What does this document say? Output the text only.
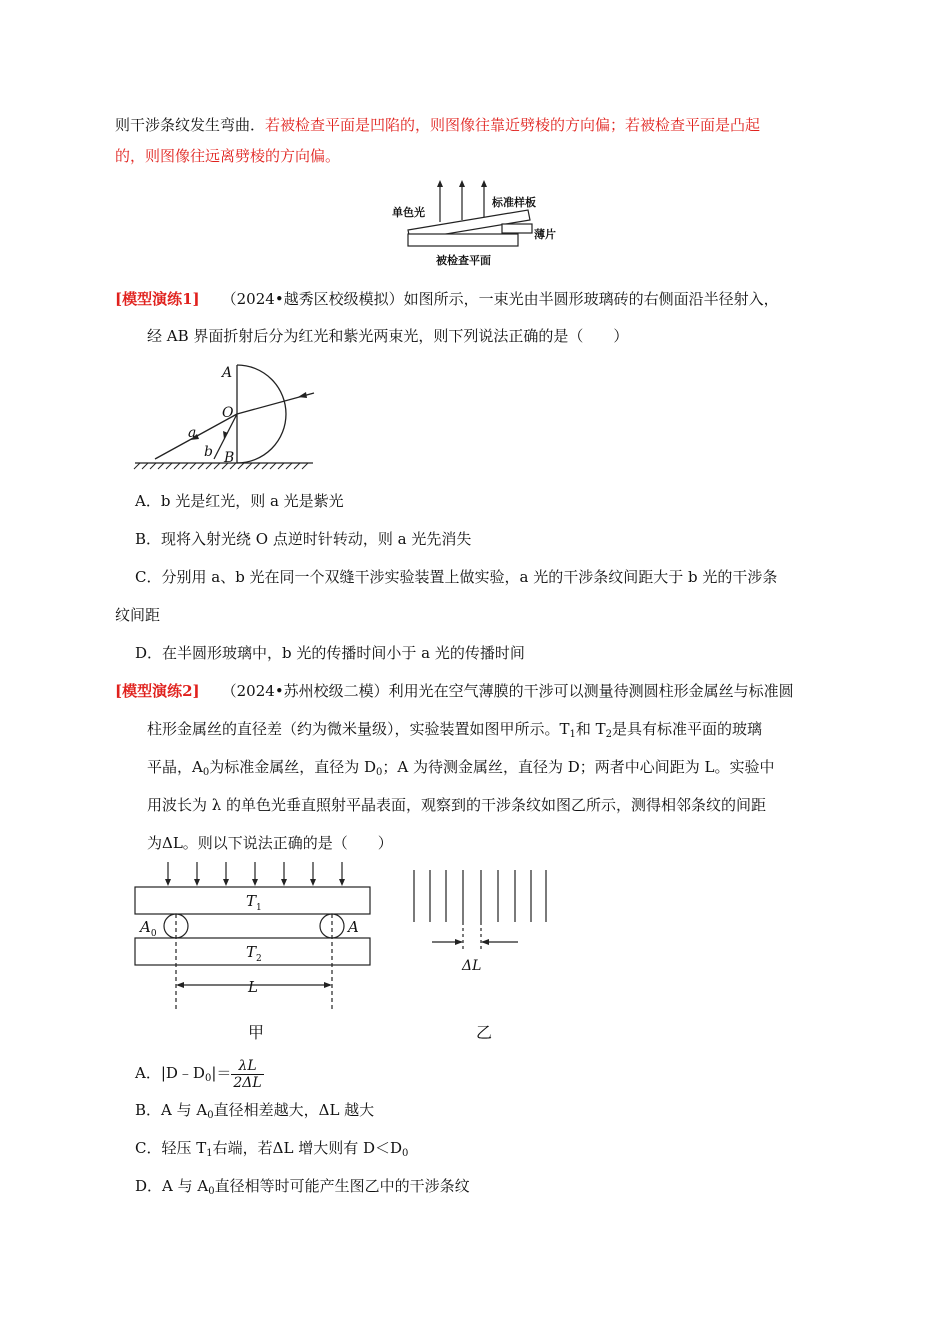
则干涉条纹发生弯曲．若被检查平面是凹陷的，则图像往靠近劈棱的方向偏；若被检查平面是凸起
的，则图像往远离劈棱的方向偏。
单色光
标准样板
薄片
被检查平面
[模型演练1] （2024•越秀区校级模拟）如图所示，一束光由半圆形玻璃砖的右侧面沿半径射入，
经 AB 界面折射后分为红光和紫光两束光，则下列说法正确的是（　　）
A
O
B
a
b
A．b 光是红光，则 a 光是紫光
B．现将入射光绕 O 点逆时针转动，则 a 光先消失
C．分别用 a、b 光在同一个双缝干涉实验装置上做实验，a 光的干涉条纹间距大于 b 光的干涉条
纹间距
D．在半圆形玻璃中，b 光的传播时间小于 a 光的传播时间
[模型演练2] （2024•苏州校级二模）利用光在空气薄膜的干涉可以测量待测圆柱形金属丝与标准圆
柱形金属丝的直径差（约为微米量级），实验装置如图甲所示。$T_1$和 $T_2$是具有标准平面的玻璃
平晶，$A_0$为标准金属丝，直径为 $D_0$；A 为待测金属丝，直径为 D；两者中心间距为 L。实验中
用波长为 λ 的单色光垂直照射平晶表面，观察到的干涉条纹如图乙所示，测得相邻条纹的间距
为ΔL。则以下说法正确的是（　　）
$T_1$
$T_2$
$A_0$	A
L
甲
ΔL
乙
A．$|D﹣D_0|= \frac{\lambda L}{2\Delta L}$
B．A 与 $A_0$直径相差越大，ΔL 越大
C．轻压 $T_1$右端，若ΔL 增大则有 $D<D_0$
D．A 与 $A_0$直径相等时可能产生图乙中的干涉条纹
